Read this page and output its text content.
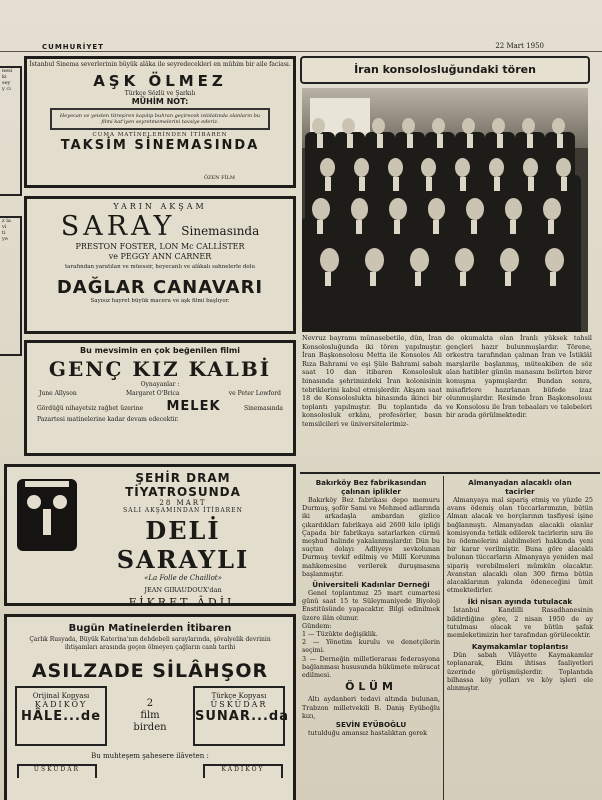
CUMHURİYET	22 Mart 1950
nesi
ki
sey
y ci
z la
vi
ti
ye
İstanbul Sinema severlerinin büyük alâka ile seyredecekleri en mühim bir aile faciası.
AŞK ÖLMEZ
Türkçe Sözlü ve Şarkılı
MÜHİM NOT:
Heyecan ve yeisten titreşiren kapılıp buhran geçirecek istidatında olanların bu filmi kat'iyen seyretmemelerini tavsiye ederiz.
CUMA MATİNELERİNDEN İTİBAREN
TAKSİM SİNEMASINDA
ÖZEN FİLM
YARIN AKŞAM
SARAY Sinemasında
PRESTON FOSTER, LON Mc CALLİSTER
ve PEGGY ANN CARNER
tarafından yaratılan ve müessir, heyecanlı ve alâkalı sahnelerle dolu
DAĞLAR CANAVARI
Sayısız hayret büyük macera ve aşk filmi başlıyor.
Bu mevsimin en çok beğenilen filmi
GENÇ KIZ KALBİ
Oynayanlar :
June Allyson	Margaret O'Brica	ve Peter Lowford
Gördüğü nihayetsiz rağbet üzerine MELEK	Sinemasında
Pazartesi matinelerine kadar devam edecektir.
ŞEHİR DRAM TİYATROSUNDA
28 MART
SALI AKŞAMINDAN İTİBAREN
DELİ SARAYLI
«La Folle de Chaillot»
JEAN GIRAUDOUX'dan
FİKRET ÂDİL
Bugün Matinelerden İtibaren
Çarlık Rusyada, Büyük Katerina'nın dehdebeli saraylarında, şövalyelik devrinin ihtişamları arasında geçen ölmeyen çağların canlı tarihi
ASILZADE SİLÂHŞOR
Orijinal Kopyası
KADIKÖY
HÂLE...de
2
film
birden
Türkçe Kopyası
ÜSKÜDAR
SUNAR...da
Bu muhteşem şaheserе ilâveten :
ÜSKÜDAR	KADIKÖY
İran konsolosluğundaki tören
Nevruz bayramı münasebetile, dün, İran Konsolosluğunda iki tören yapılmıştır. İran Başkonsolosu Metta ile Konsolos Ali Rıza Bahrami ve eşi Şüle Bahrami sabah saat 10 dan itibaren Konsolosluk binasında şehrimizdeki İran kolonisinin tebriklerini kabul etmişlerdir. Akşam saat 18 de Konsoloslukta binasında ikinci bir toplantı yapılmıştır. Bu toplantıda da konsolosluk erkânı, profesörler, basın temsilcileri ve üniversitelerimiz-
de okumakta olan İranlı yüksek tahsil gençleri hazır bulunmuşlardır. Törene, orkestra tarafından çalınan İran ve İstiklâl marşlarile başlanmış, müteakiben de söz alan hatibler günün manasını belirten birer konuşma yapmışlardır. Bundan sonra, misafirlere hazırlanan büfede izaz olunmuşlardır. Resimde İran Başkonsolosu ve Konsolosu ile İran tebaaları ve talebeleri bir arada görülmektedir.
Bakırköy Bez fabrikasından
çalınan iplikler

Bakırköy Bez fabrikası depo memuru Durmuş, şoför Sami ve Mehmed adlarında iki arkadaşla ambardan gizlice çıkardıkları fabrikaya aid 2600 kilo ipliği Çapada bir fabrikaya satarlarken cürmü meşhud halinde yakalanmışlardır. Dün bu suçtan dolayı Adliyeye sevkolunan Durmuş tevkif edilmiş ve Millî Korunma mahkemesine verilerek duruşmasına başlanmıştır.

Üniversiteli Kadınlar Derneği

Genel toplantımız 25 mart cumartesi günü saat 15 te Süleymaniyede Biyoloji Enstitüsünde yapacaktır. Bilgi edinilmek üzere ilân olunur.

Gündem:
1 — Tüzükte değişiklik.
2 — Yönetim kurulu ve denetçilerin seçimi.
3 — Derneğin milletlerarası federasyona bağlanması hususunda hükümete müracat edilmesi.
ÖLÜM

Altı aydanberi tedavi altında bulunan, Trabzon milletvekili B. Daniş Eyüboğlu kızı,

SEVİN EYÜBOĞLU

tutulduğu amansız hastalıktan gerek

Almanyadan alacaklı olan
tacirler

Almanyaya mal sipariş etmiş ve yüzde 25 avans ödemiş olan tüccarlarımızın, bütün Alman alacak ve borçlarının tasfiyesi işine bağlanmıştı. Almanyadan alacaklı olanlar komisyonda tetkik edilerek tacirlerin sıra ile bu ödemelerini alabilmeleri hakkında yeni bir karar verilmiştir. Buna göre alacaklı bulunan tüccarların Almanyaya yeniden mal sipariş verebilmeleri mümkün olacaktır. Avanstan alacaklı olan 300 firma bütün alacaklarının yakında ödeneceğini ümit etmektedirler.

İki nisan ayında tutulacak

İstanbul Kandilli Rasadhanesinin bildirdiğine göre, 2 nisan 1950 de ay tutulması olacak ve bütün şafak memleketimizin her tarafından görülecektir.

Kaymakamlar toplantısı

Dün sabah Vilâyette Kaymakamlar toplanarak, Ekim ihtisas faaliyetleri üzerinde görüşmüşlerdir. Toplantıda bilhassa köy yolları ve köy işleri ele alınmıştır.
